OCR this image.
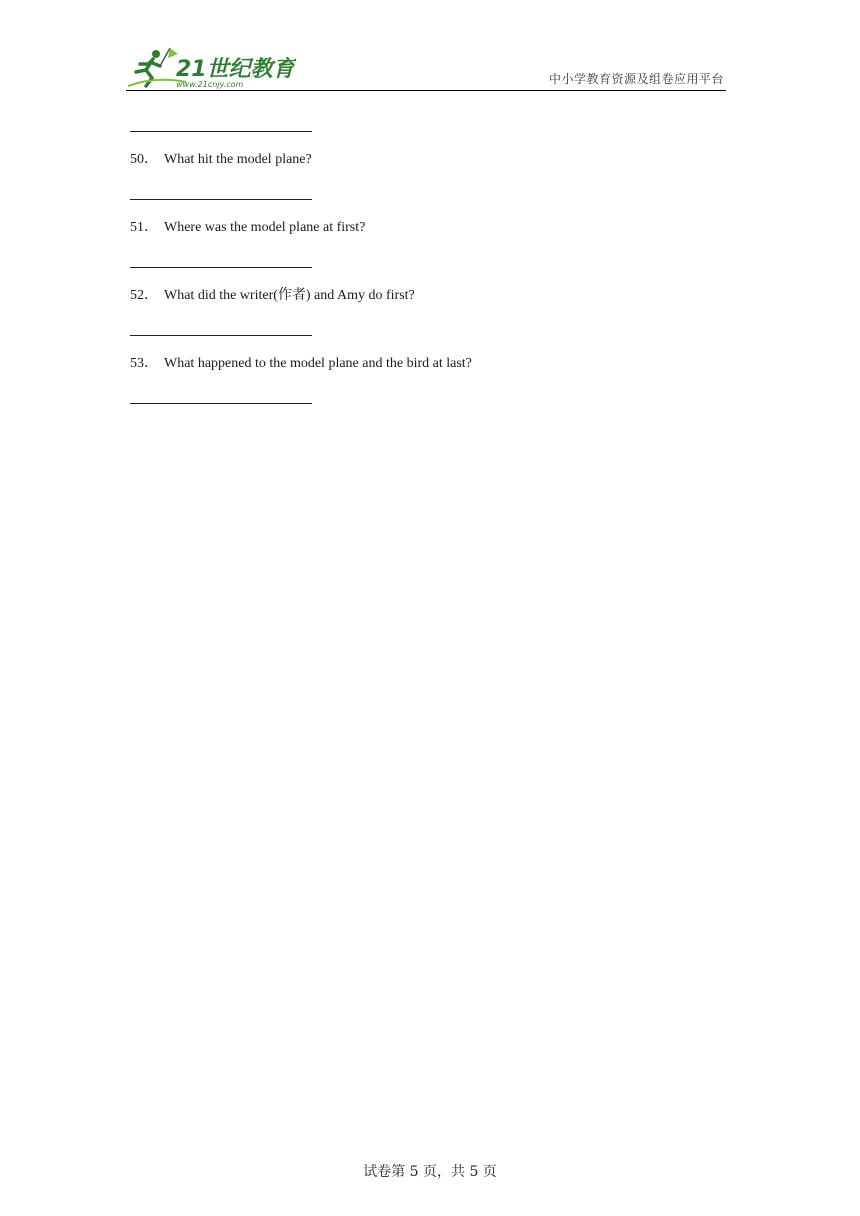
21世纪教育
www.21cnjy.com	中小学教育资源及组卷应用平台
50． What hit the model plane?
51． Where was the model plane at first?
52． What did the writer(作者) and Amy do first?
53． What happened to the model plane and the bird at last?
试卷第 5 页，共 5 页
